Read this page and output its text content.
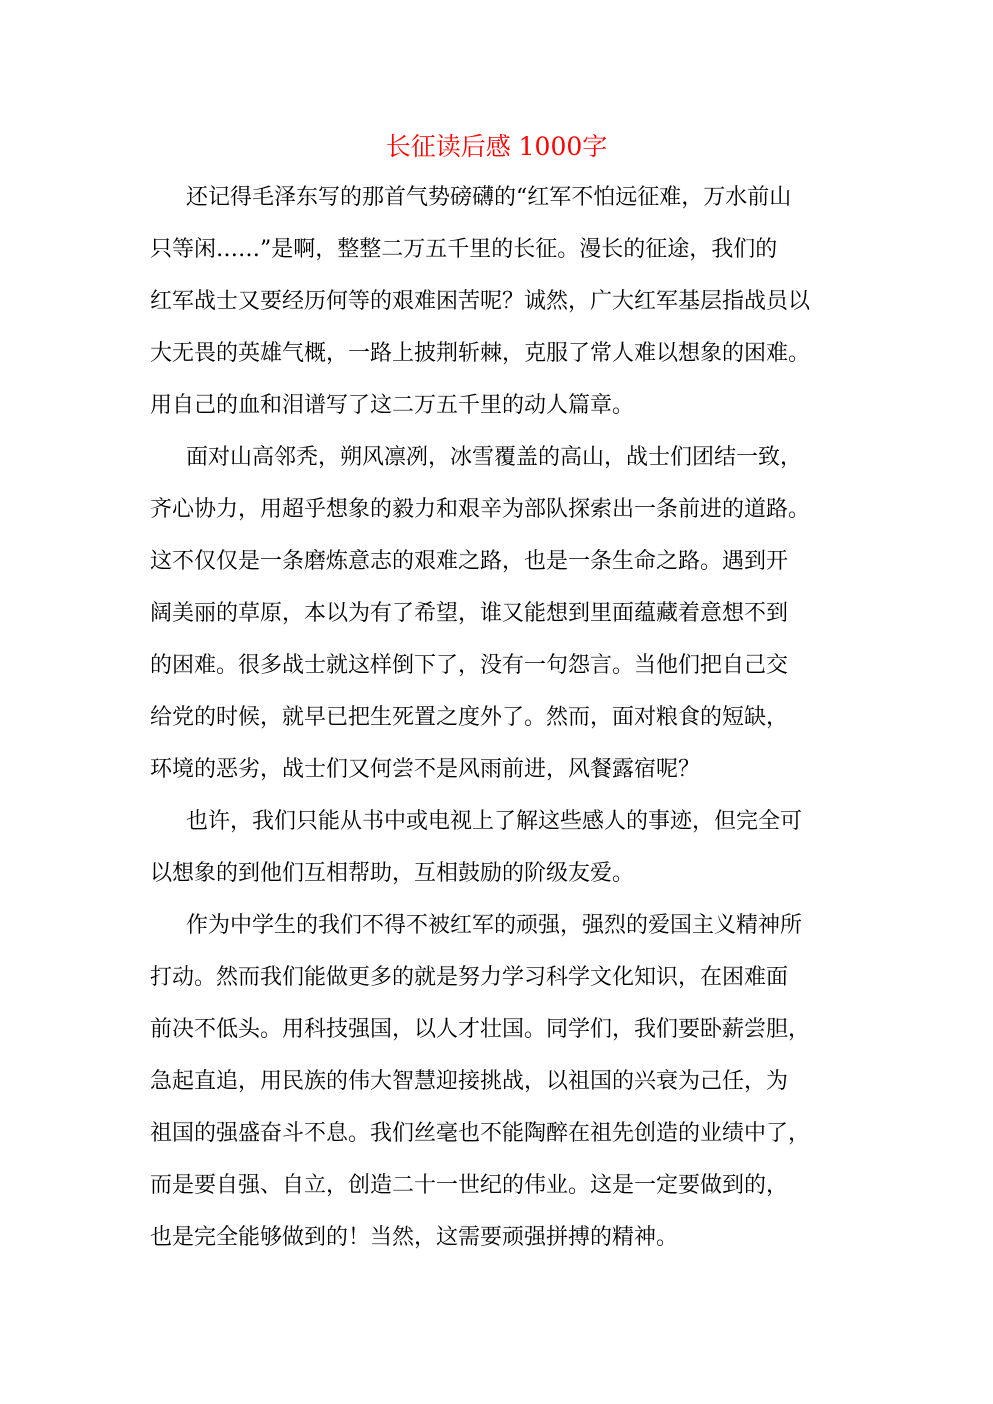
长征读后感 1000字

还记得毛泽东写的那首气势磅礴的“红军不怕远征难，万水前山

只等闲……”是啊，整整二万五千里的长征。漫长的征途，我们的

红军战士又要经历何等的艰难困苦呢？诚然，广大红军基层指战员以

大无畏的英雄气概，一路上披荆斩棘，克服了常人难以想象的困难。

用自己的血和泪谱写了这二万五千里的动人篇章。

面对山高邻秃，朔风凛冽，冰雪覆盖的高山，战士们团结一致，

齐心协力，用超乎想象的毅力和艰辛为部队探索出一条前进的道路。

这不仅仅是一条磨炼意志的艰难之路，也是一条生命之路。遇到开

阔美丽的草原，本以为有了希望，谁又能想到里面蕴藏着意想不到

的困难。很多战士就这样倒下了，没有一句怨言。当他们把自己交

给党的时候，就早已把生死置之度外了。然而，面对粮食的短缺，

环境的恶劣，战士们又何尝不是风雨前进，风餐露宿呢？

也许，我们只能从书中或电视上了解这些感人的事迹，但完全可

以想象的到他们互相帮助，互相鼓励的阶级友爱。

作为中学生的我们不得不被红军的顽强，强烈的爱国主义精神所

打动。然而我们能做更多的就是努力学习科学文化知识，在困难面

前决不低头。用科技强国，以人才壮国。同学们，我们要卧薪尝胆，

急起直追，用民族的伟大智慧迎接挑战，以祖国的兴衰为己任，为

祖国的强盛奋斗不息。我们丝毫也不能陶醉在祖先创造的业绩中了，

而是要自强、自立，创造二十一世纪的伟业。这是一定要做到的，

也是完全能够做到的！当然，这需要顽强拼搏的精神。
